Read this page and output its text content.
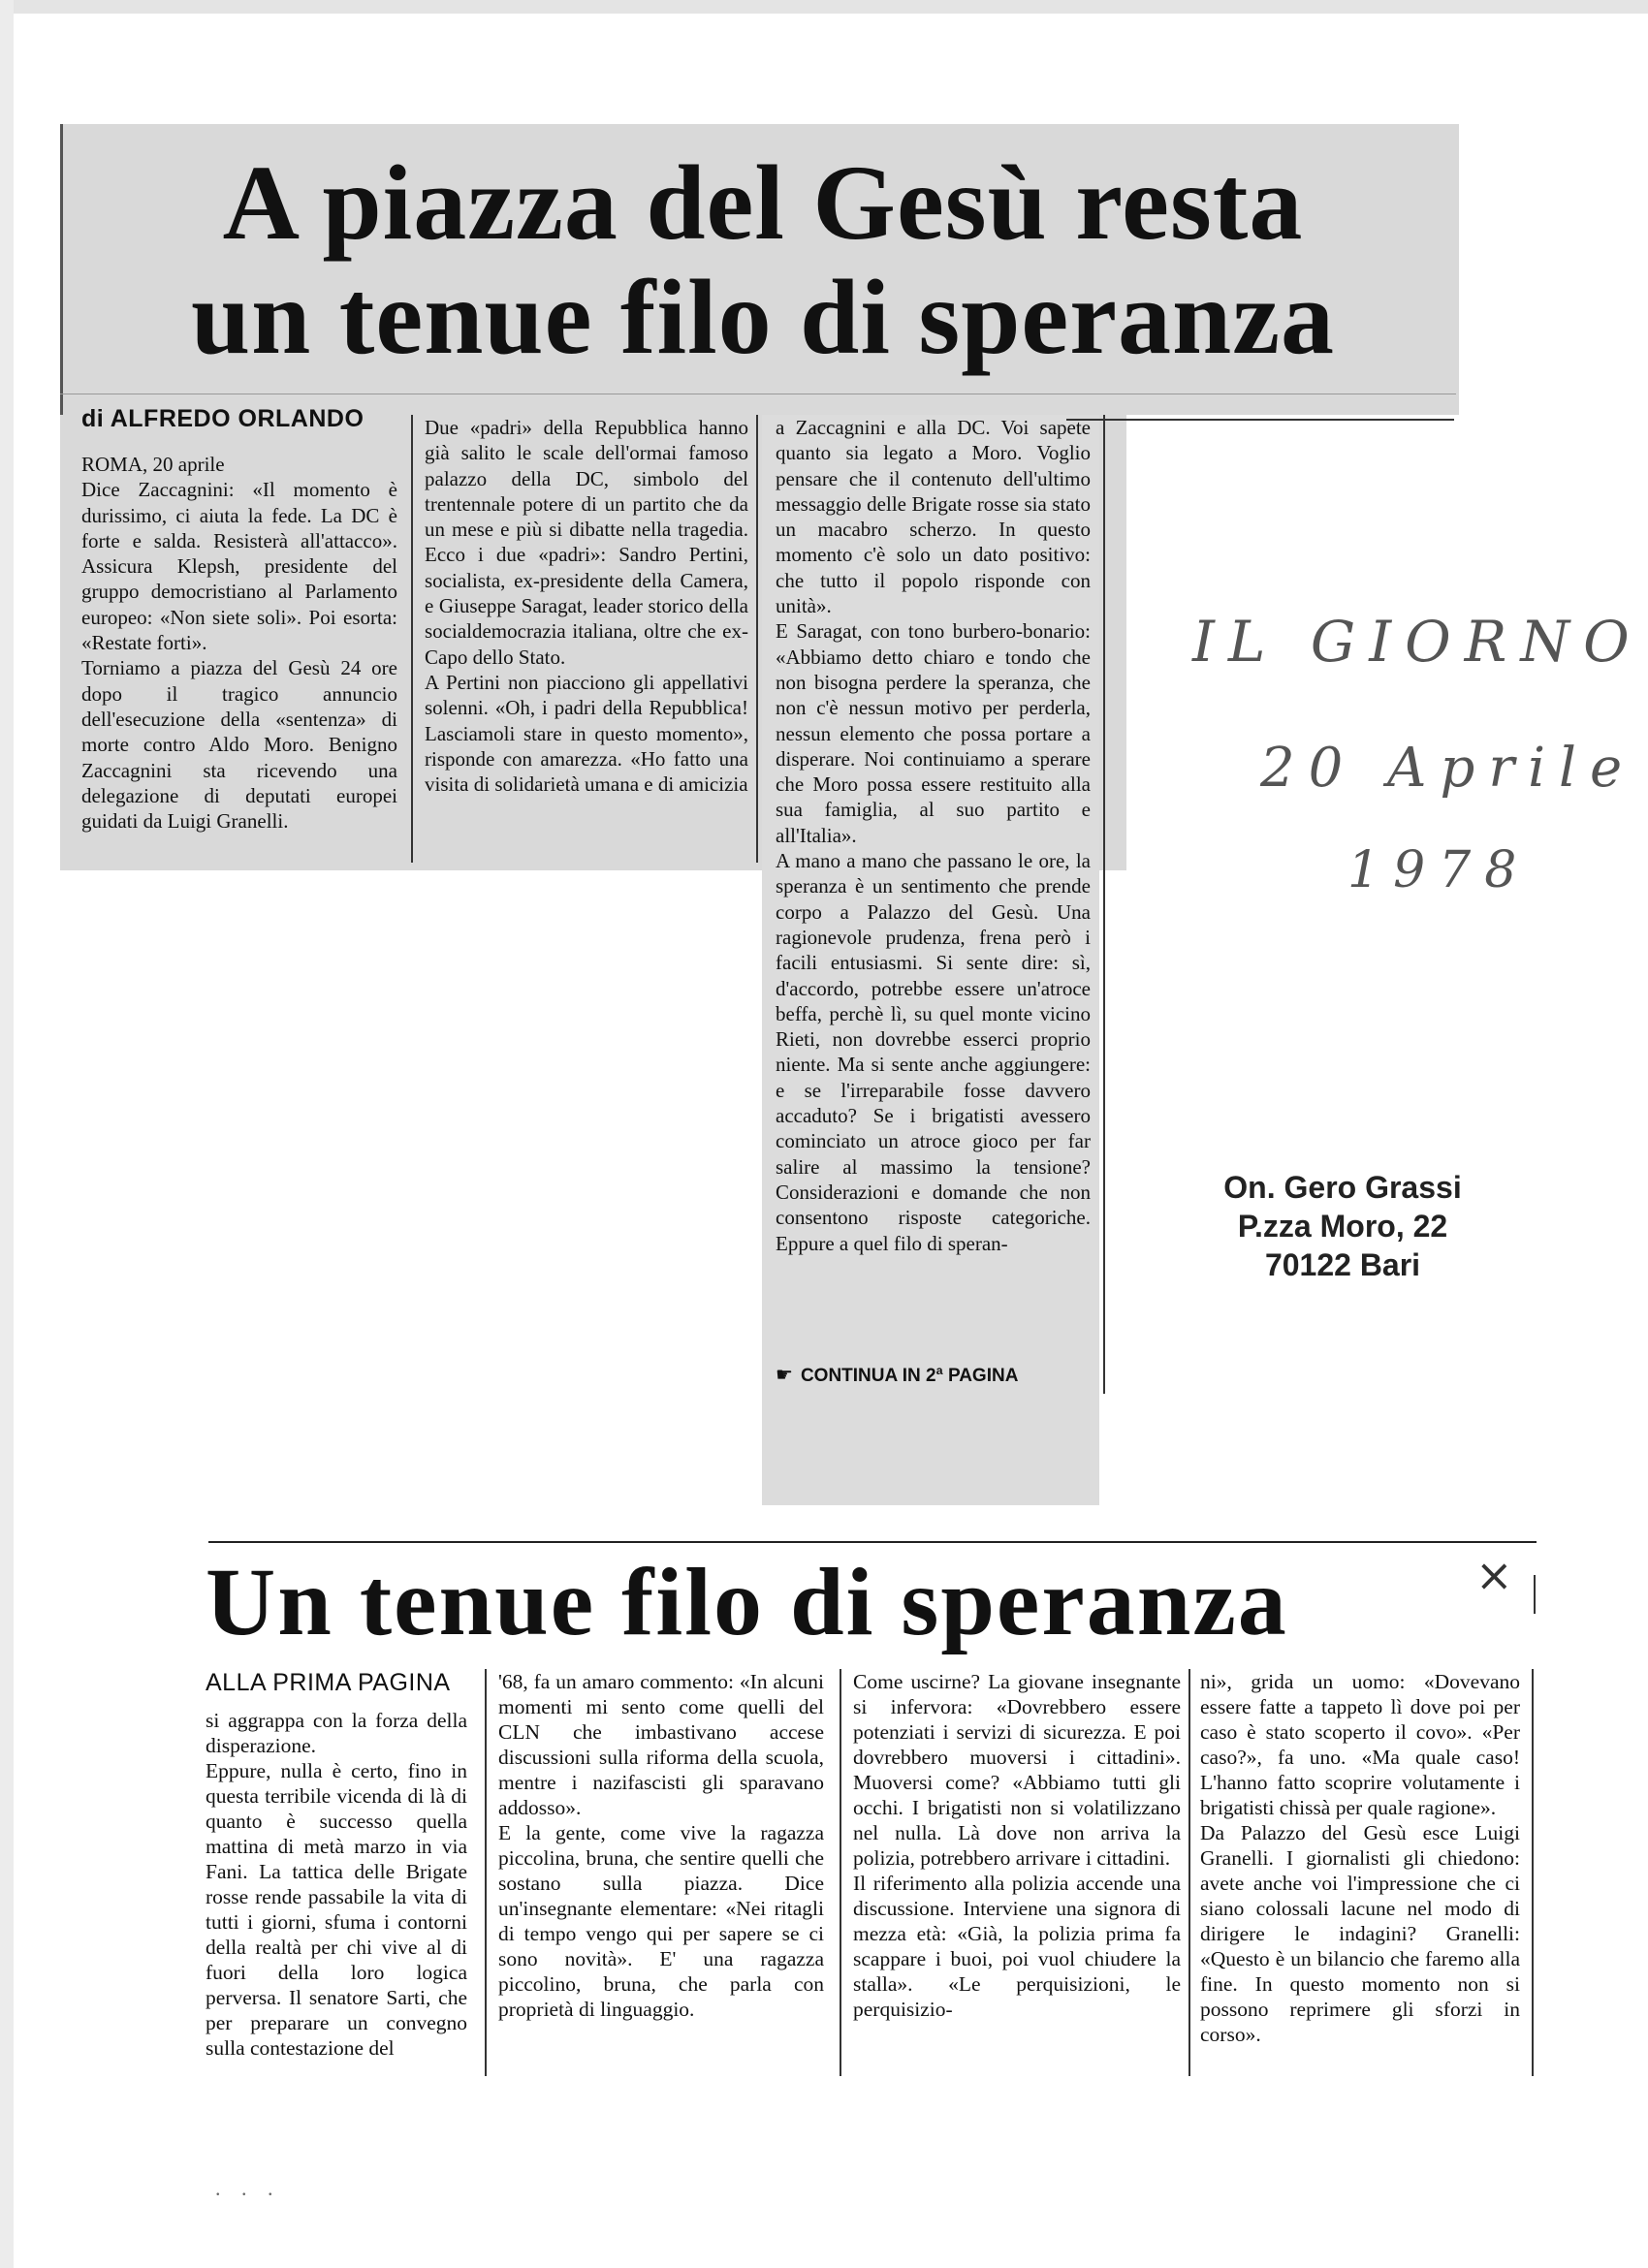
A piazza del Gesù resta
un tenue filo di speranza
di ALFREDO ORLANDO
ROMA, 20 aprile
Dice Zaccagnini: «Il momento è durissimo, ci aiuta la fede. La DC è forte e salda. Resisterà all'attacco». Assicura Klepsh, presidente del gruppo democristiano al Parlamento europeo: «Non siete soli». Poi esorta: «Restate forti».
Torniamo a piazza del Gesù 24 ore dopo il tragico annuncio dell'esecuzione della «sentenza» di morte contro Aldo Moro. Benigno Zaccagnini sta ricevendo una delegazione di deputati europei guidati da Luigi Granelli.
Due «padri» della Repubblica hanno già salito le scale dell'ormai famoso palazzo della DC, simbolo del trentennale potere di un partito che da un mese e più si dibatte nella tragedia. Ecco i due «padri»: Sandro Pertini, socialista, ex-presidente della Camera, e Giuseppe Saragat, leader storico della socialdemocrazia italiana, oltre che ex-Capo dello Stato.
A Pertini non piacciono gli appellativi solenni. «Oh, i padri della Repubblica! Lasciamoli stare in questo momento», risponde con amarezza. «Ho fatto una visita di solidarietà umana e di amicizia
a Zaccagnini e alla DC. Voi sapete quanto sia legato a Moro. Voglio pensare che il contenuto dell'ultimo messaggio delle Brigate rosse sia stato un macabro scherzo. In questo momento c'è solo un dato positivo: che tutto il popolo risponde con unità».
E Saragat, con tono burbero-bonario: «Abbiamo detto chiaro e tondo che non bisogna perdere la speranza, che non c'è nessun motivo per perderla, nessun elemento che possa portare a disperare. Noi continuiamo a sperare che Moro possa essere restituito alla sua famiglia, al suo partito e all'Italia».
A mano a mano che passano le ore, la speranza è un sentimento che prende corpo a Palazzo del Gesù. Una ragionevole prudenza, frena però i facili entusiasmi. Si sente dire: sì, d'accordo, potrebbe essere un'atroce beffa, perchè lì, su quel monte vicino Rieti, non dovrebbe esserci proprio niente. Ma si sente anche aggiungere: e se l'irreparabile fosse davvero accaduto? Se i brigatisti avessero cominciato un atroce gioco per far salire al massimo la tensione? Considerazioni e domande che non consentono risposte categoriche. Eppure a quel filo di speran-
☛ CONTINUA IN 2ª PAGINA
IL GIORNO
20 Aprile
1978
On. Gero Grassi
P.zza Moro, 22
70122 Bari
Un tenue filo di speranza	×
ALLA PRIMA PAGINA
si aggrappa con la forza della disperazione.
Eppure, nulla è certo, fino in questa terribile vicenda di là di quanto è successo quella mattina di metà marzo in via Fani. La tattica delle Brigate rosse rende passabile la vita di tutti i giorni, sfuma i contorni della realtà per chi vive al di fuori della loro logica perversa. Il senatore Sarti, che per preparare un convegno sulla contestazione del
'68, fa un amaro commento: «In alcuni momenti mi sento come quelli del CLN che imbastivano accese discussioni sulla riforma della scuola, mentre i nazifascisti gli sparavano addosso».
E la gente, come vive la ragazza piccolina, bruna, che sentire quelli che sostano sulla piazza. Dice un'insegnante elementare: «Nei ritagli di tempo vengo qui per sapere se ci sono novità». E' una ragazza piccolino, bruna, che parla con proprietà di linguaggio.
Come uscirne? La giovane insegnante si infervora: «Dovrebbero essere potenziati i servizi di sicurezza. E poi dovrebbero muoversi i cittadini». Muoversi come? «Abbiamo tutti gli occhi. I brigatisti non si volatilizzano nel nulla. Là dove non arriva la polizia, potrebbero arrivare i cittadini.
Il riferimento alla polizia accende una discussione. Interviene una signora di mezza età: «Già, la polizia prima fa scappare i buoi, poi vuol chiudere la stalla». «Le perquisizioni, le perquisizio-
ni», grida un uomo: «Dovevano essere fatte a tappeto lì dove poi per caso è stato scoperto il covo». «Per caso?», fa uno. «Ma quale caso! L'hanno fatto scoprire volutamente i brigatisti chissà per quale ragione».
Da Palazzo del Gesù esce Luigi Granelli. I giornalisti gli chiedono: avete anche voi l'impressione che ci siano colossali lacune nel modo di dirigere le indagini? Granelli: «Questo è un bilancio che faremo alla fine. In questo momento non si possono reprimere gli sforzi in corso».
. . .
